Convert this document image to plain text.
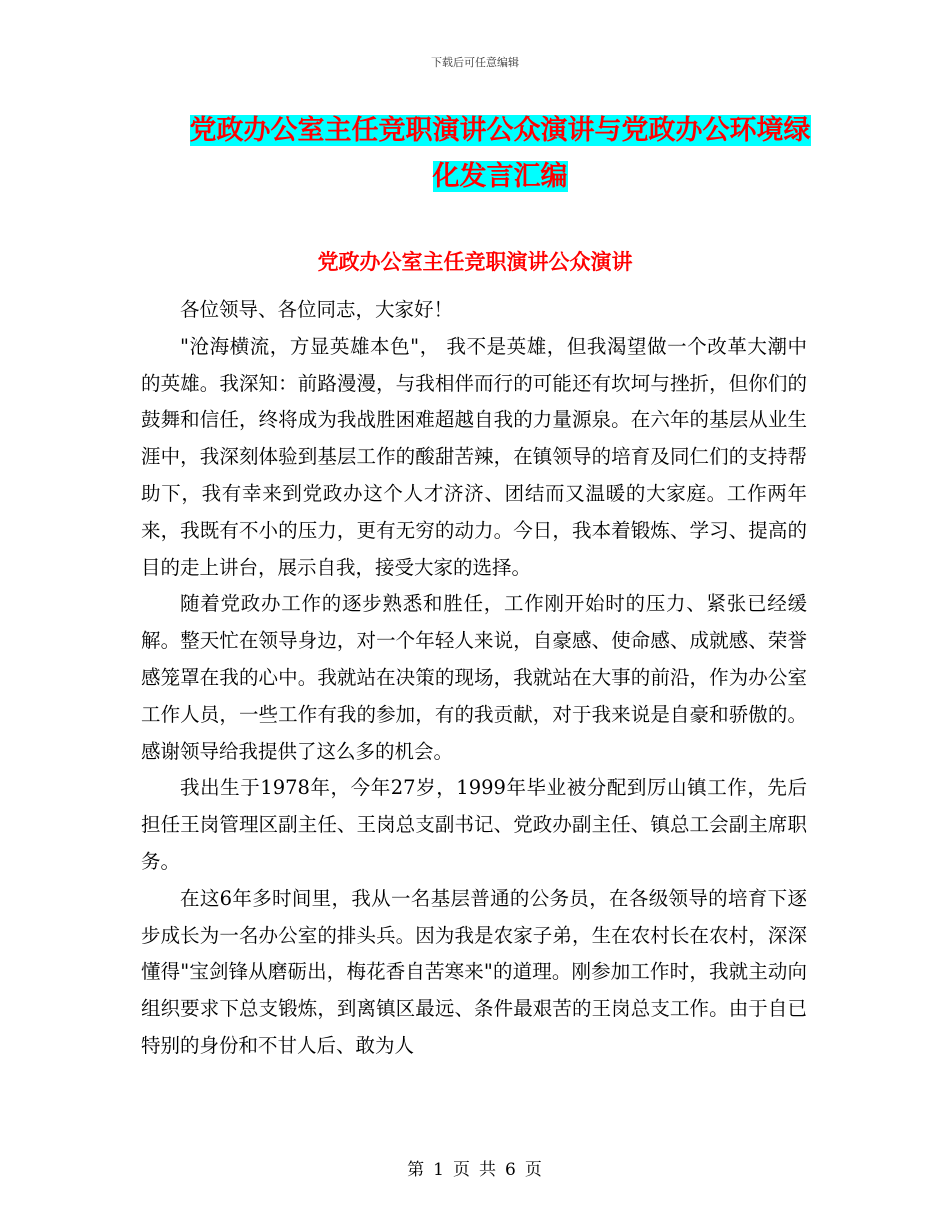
下载后可任意编辑
党政办公室主任竞职演讲公众演讲与党政办公环境绿
化发言汇编
党政办公室主任竞职演讲公众演讲

各位领导、各位同志，大家好！

"沧海横流，方显英雄本色"， 我不是英雄，但我渴望做一个改革大潮中的英雄。我深知：前路漫漫，与我相伴而行的可能还有坎坷与挫折，但你们的鼓舞和信任，终将成为我战胜困难超越自我的力量源泉。在六年的基层从业生涯中，我深刻体验到基层工作的酸甜苦辣，在镇领导的培育及同仁们的支持帮助下，我有幸来到党政办这个人才济济、团结而又温暖的大家庭。工作两年来，我既有不小的压力，更有无穷的动力。今日，我本着锻炼、学习、提高的目的走上讲台，展示自我，接受大家的选择。

随着党政办工作的逐步熟悉和胜任，工作刚开始时的压力、紧张已经缓解。整天忙在领导身边，对一个年轻人来说，自豪感、使命感、成就感、荣誉感笼罩在我的心中。我就站在决策的现场，我就站在大事的前沿，作为办公室工作人员，一些工作有我的参加，有的我贡献，对于我来说是自豪和骄傲的。感谢领导给我提供了这么多的机会。

我出生于1978年，今年27岁，1999年毕业被分配到厉山镇工作，先后担任王岗管理区副主任、王岗总支副书记、党政办副主任、镇总工会副主席职务。

在这6年多时间里，我从一名基层普通的公务员，在各级领导的培育下逐步成长为一名办公室的排头兵。因为我是农家子弟，生在农村长在农村，深深懂得"宝剑锋从磨砺出，梅花香自苦寒来"的道理。刚参加工作时，我就主动向组织要求下总支锻炼，到离镇区最远、条件最艰苦的王岗总支工作。由于自已特别的身份和不甘人后、敢为人

第 1 页 共 6 页
